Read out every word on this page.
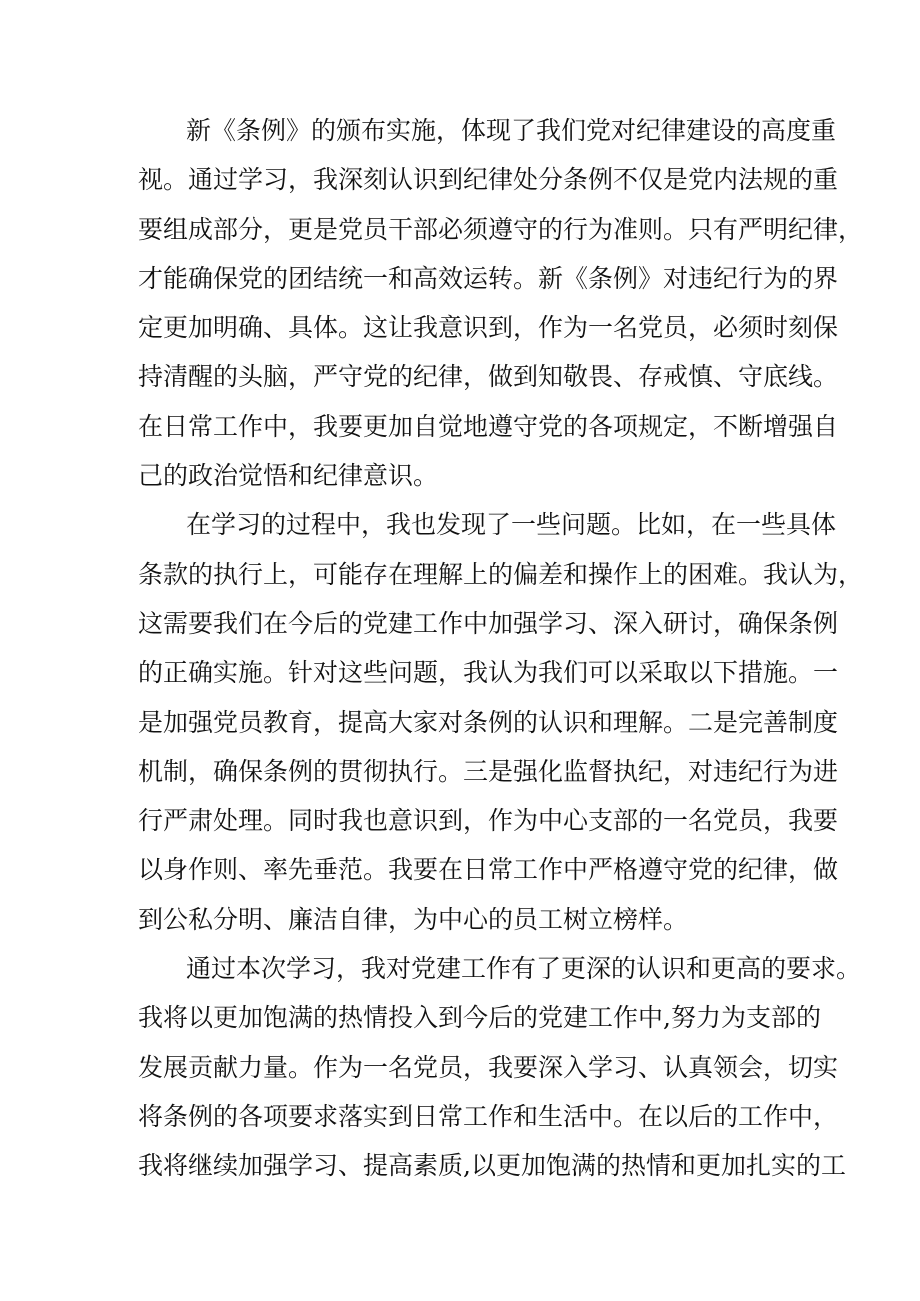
新《条例》的颁布实施，体现了我们党对纪律建设的高度重
视。通过学习，我深刻认识到纪律处分条例不仅是党内法规的重
要组成部分，更是党员干部必须遵守的行为准则。只有严明纪律，
才能确保党的团结统一和高效运转。新《条例》对违纪行为的界
定更加明确、具体。这让我意识到，作为一名党员，必须时刻保
持清醒的头脑，严守党的纪律，做到知敬畏、存戒慎、守底线。
在日常工作中，我要更加自觉地遵守党的各项规定，不断增强自
己的政治觉悟和纪律意识。
在学习的过程中，我也发现了一些问题。比如，在一些具体
条款的执行上，可能存在理解上的偏差和操作上的困难。我认为，
这需要我们在今后的党建工作中加强学习、深入研讨，确保条例
的正确实施。针对这些问题，我认为我们可以采取以下措施。一
是加强党员教育，提高大家对条例的认识和理解。二是完善制度
机制，确保条例的贯彻执行。三是强化监督执纪，对违纪行为进
行严肃处理。同时我也意识到，作为中心支部的一名党员，我要
以身作则、率先垂范。我要在日常工作中严格遵守党的纪律，做
到公私分明、廉洁自律，为中心的员工树立榜样。
通过本次学习，我对党建工作有了更深的认识和更高的要求。
我将以更加饱满的热情投入到今后的党建工作中,努力为支部的
发展贡献力量。作为一名党员，我要深入学习、认真领会，切实
将条例的各项要求落实到日常工作和生活中。在以后的工作中，
我将继续加强学习、提高素质,以更加饱满的热情和更加扎实的工
